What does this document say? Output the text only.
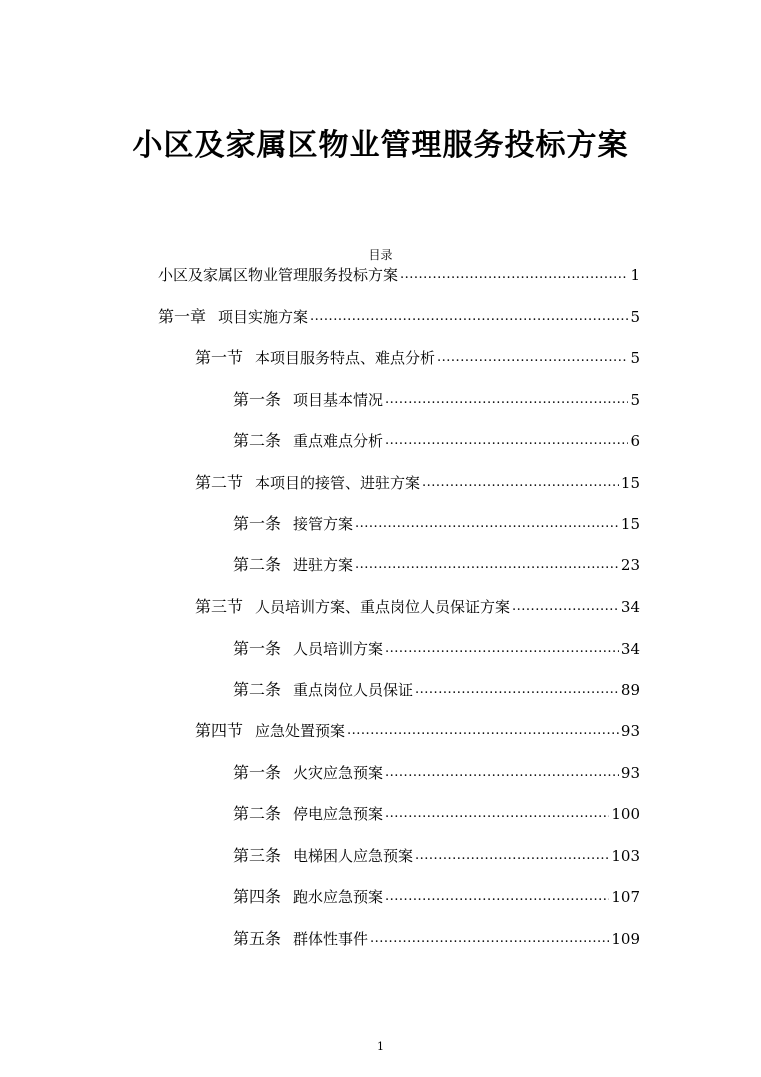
小区及家属区物业管理服务投标方案
目录
小区及家属区物业管理服务投标方案 .....	1
第一章 项目实施方案 .....	5
第一节 本项目服务特点、难点分析 .....	5
第一条 项目基本情况 .....	5
第二条 重点难点分析 .....	6
第二节 本项目的接管、进驻方案 .....	15
第一条 接管方案 .....	15
第二条 进驻方案 .....	23
第三节 人员培训方案、重点岗位人员保证方案 .....	34
第一条 人员培训方案 .....	34
第二条 重点岗位人员保证 .....	89
第四节 应急处置预案 .....	93
第一条 火灾应急预案 .....	93
第二条 停电应急预案 .....	100
第三条 电梯困人应急预案 .....	103
第四条 跑水应急预案 .....	107
第五条 群体性事件 .....	109
1
